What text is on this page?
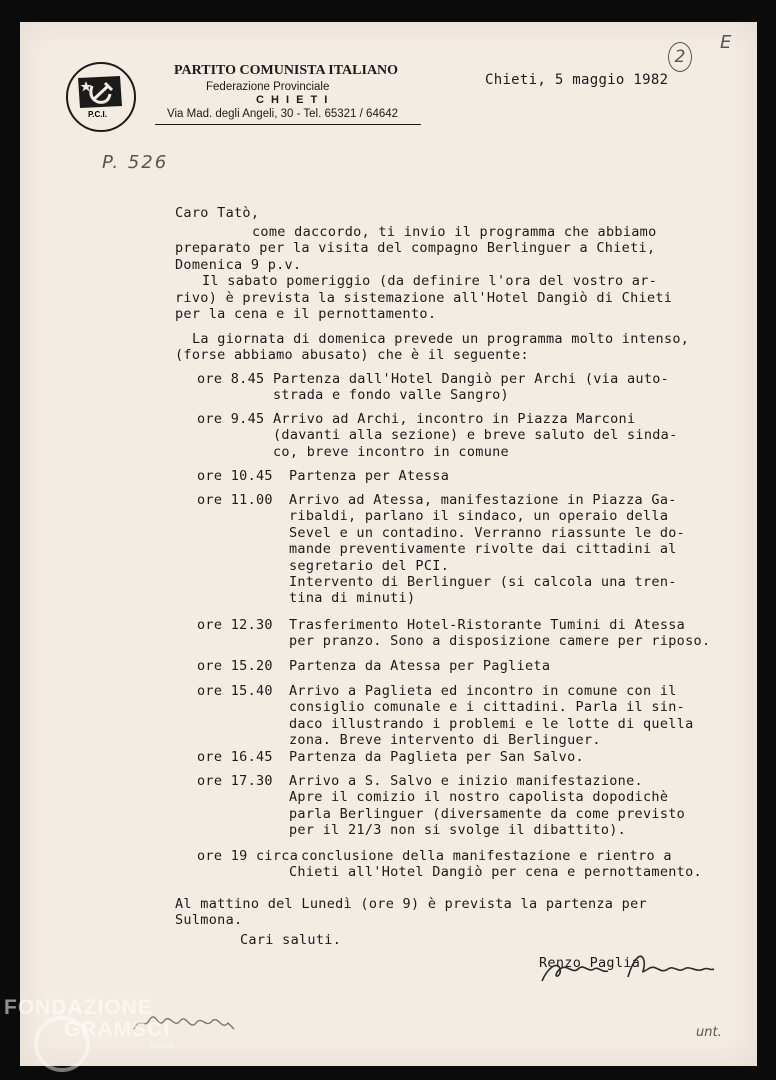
P.C.I.
PARTITO COMUNISTA ITALIANO
Federazione Provinciale
C H I E T I
Via Mad. degli Angeli, 30 - Tel. 65321 / 64642
Chieti, 5 maggio 1982
2
E
P. 526
Caro Tatò,
come daccordo, ti invio il programma che abbiamo
preparato per la visita del compagno Berlinguer a Chieti,
Domenica 9 p.v.
Il sabato pomeriggio (da definire l'ora del vostro ar-
rivo) è prevista la sistemazione all'Hotel Dangiò di Chieti
per la cena e il pernottamento.
La giornata di domenica prevede un programma molto intenso,
(forse abbiamo abusato) che è il seguente:
ore 8.45 Partenza dall'Hotel Dangiò per Archi (via auto-
strada e fondo valle Sangro)
ore 9.45 Arrivo ad Archi, incontro in Piazza Marconi
(davanti alla sezione) e breve saluto del sinda-
co, breve incontro in comune
ore 10.45 Partenza per Atessa
ore 11.00 Arrivo ad Atessa, manifestazione in Piazza Ga-
ribaldi, parlano il sindaco, un operaio della
Sevel e un contadino. Verranno riassunte le do-
mande preventivamente rivolte dai cittadini al
segretario del PCI.
Intervento di Berlinguer (si calcola una tren-
tina di minuti)
ore 12.30 Trasferimento Hotel-Ristorante Tumini di Atessa
per pranzo. Sono a disposizione camere per riposo.
ore 15.20 Partenza da Atessa per Paglieta
ore 15.40 Arrivo a Paglieta ed incontro in comune con il
consiglio comunale e i cittadini. Parla il sin-
daco illustrando i problemi e le lotte di quella
zona. Breve intervento di Berlinguer.
ore 16.45 Partenza da Paglieta per San Salvo.
ore 17.30 Arrivo a S. Salvo e inizio manifestazione.
Apre il comizio il nostro capolista dopodichè
parla Berlinguer (diversamente da come previsto
per il 21/3 non si svolge il dibattito).
ore 19 circa conclusione della manifestazione e rientro a
Chieti all'Hotel Dangiò per cena e pernottamento.
Al mattino del Lunedì (ore 9) è prevista la partenza per
Sulmona.
Cari saluti.
Renzo Paglia
unt.
FONDAZIONE
GRAMSCI
onlus
